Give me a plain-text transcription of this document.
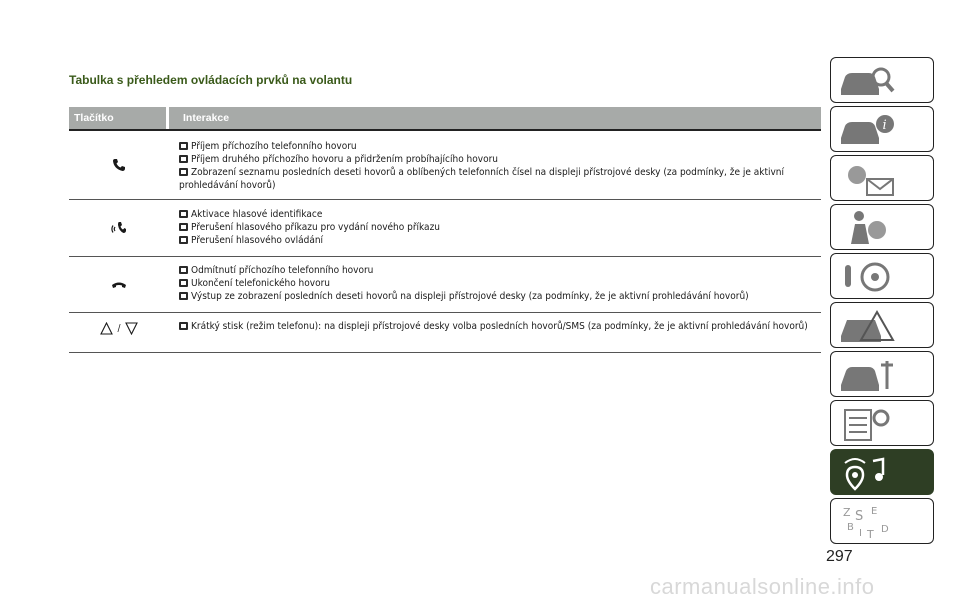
Tabulka s přehledem ovládacích prvků na volantu
Tlačítko	Interakce
Příjem příchozího telefonního hovoru
Příjem druhého příchozího hovoru a přidržením probíhajícího hovoru
Zobrazení seznamu posledních deseti hovorů a oblíbených telefonních čísel na displeji přístrojové desky (za podmínky, že je aktivní prohledávání hovorů)
Aktivace hlasové identifikace
Přerušení hlasového příkazu pro vydání nového příkazu
Přerušení hlasového ovládání
Odmítnutí příchozího telefonního hovoru
Ukončení telefonického hovoru
Výstup ze zobrazení posledních deseti hovorů na displeji přístrojové desky (za podmínky, že je aktivní prohledávání hovorů)
/	Krátký stisk (režim telefonu): na displeji přístrojové desky volba posledních hovorů/SMS (za podmínky, že je aktivní prohledávání hovorů)
i
Z S E
B
I T D
297
carmanualsonline.info
